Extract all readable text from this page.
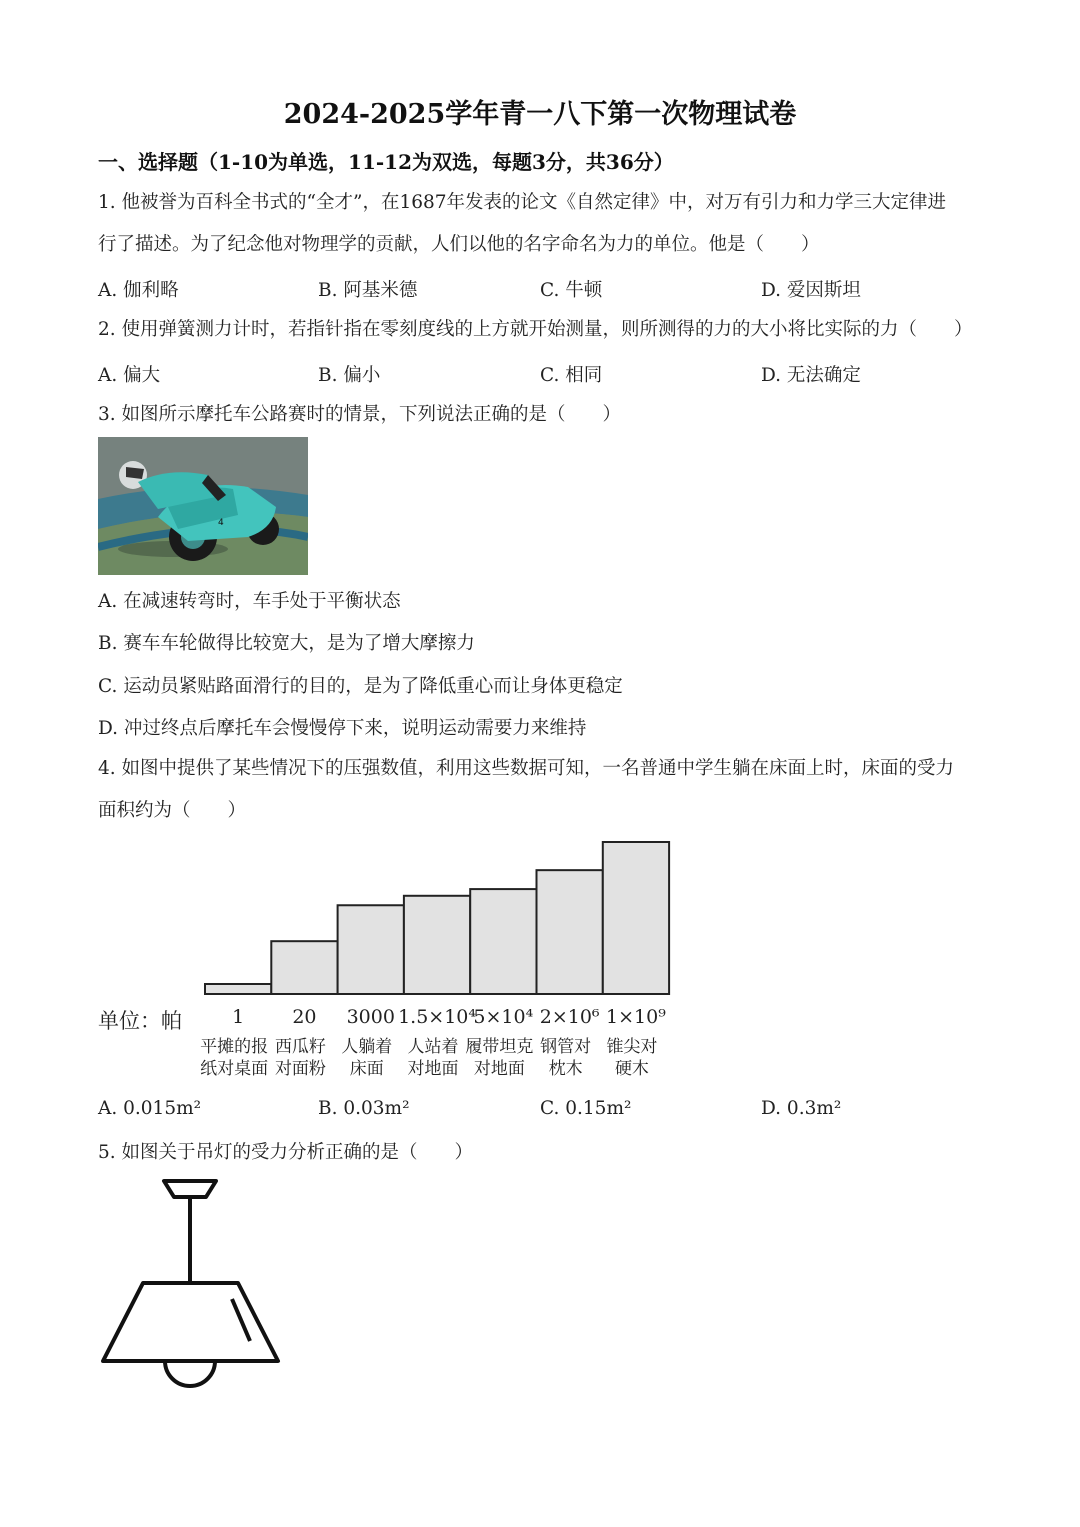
2024-2025学年青一八下第一次物理试卷
一、选择题（1-10为单选，11-12为双选，每题3分，共36分）
1. 他被誉为百科全书式的“全才”，在1687年发表的论文《自然定律》中，对万有引力和力学三大定律进
行了描述。为了纪念他对物理学的贡献，人们以他的名字命名为力的单位。他是（　　）
A. 伽利略	B. 阿基米德	C. 牛顿	D. 爱因斯坦
2. 使用弹簧测力计时，若指针指在零刻度线的上方就开始测量，则所测得的力的大小将比实际的力（　　）
A. 偏大	B. 偏小	C. 相同	D. 无法确定
3. 如图所示摩托车公路赛时的情景，下列说法正确的是（　　）
4
A. 在减速转弯时，车手处于平衡状态
B. 赛车车轮做得比较宽大，是为了增大摩擦力
C. 运动员紧贴路面滑行的目的，是为了降低重心而让身体更稳定
D. 冲过终点后摩托车会慢慢停下来，说明运动需要力来维持
4. 如图中提供了某些情况下的压强数值，利用这些数据可知，一名普通中学生躺在床面上时，床面的受力
面积约为（　　）
单位：帕	1	20	3000 1.5×10⁴
5×10⁴ 2×10⁶ 1×10⁹
平摊的报
纸对桌面
西瓜籽
对面粉
人躺着
床面
人站着
对地面
履带坦克
对地面
钢管对
枕木
锥尖对
硬木
A. 0.015m²	B. 0.03m²	C. 0.15m²	D. 0.3m²
5. 如图关于吊灯的受力分析正确的是（　　）
